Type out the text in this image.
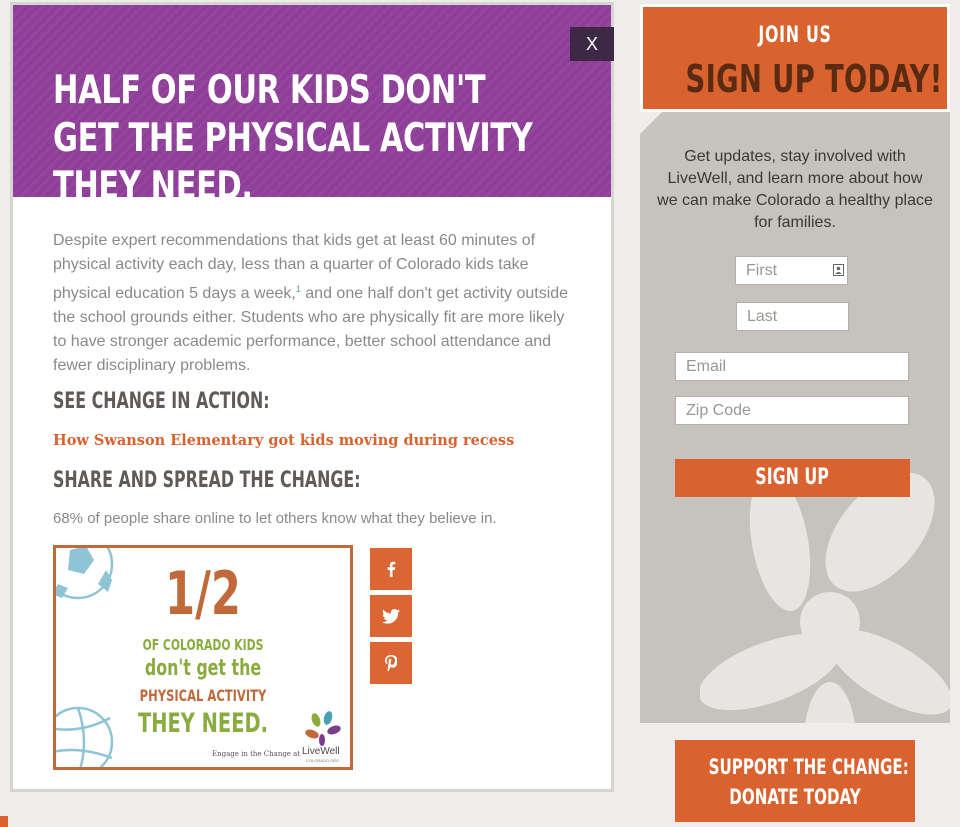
HALF OF OUR KIDS DON'T GET THE PHYSICAL ACTIVITY THEY NEED.
X

Despite expert recommendations that kids get at least 60 minutes of physical activity each day, less than a quarter of Colorado kids take physical education 5 days a week,$^1$ and one half don't get activity outside the school grounds either. Students who are physically fit are more likely to have stronger academic performance, better school attendance and fewer disciplinary problems.

SEE CHANGE IN ACTION:
How Swanson Elementary got kids moving during recess
SHARE AND SPREAD THE CHANGE:
68% of people share online to let others know what they believe in.
1/2
OF COLORADO KIDS
don't get the
PHYSICAL ACTIVITY
THEY NEED.
Engage in the Change at LiveWell
COLORADO.ORG
JOIN US
SIGN UP TODAY!

Get updates, stay involved with LiveWell, and learn more about how we can make Colorado a healthy place for families.

First
Last
Email
Zip Code
SIGN UP
SUPPORT THE CHANGE:
DONATE TODAY
